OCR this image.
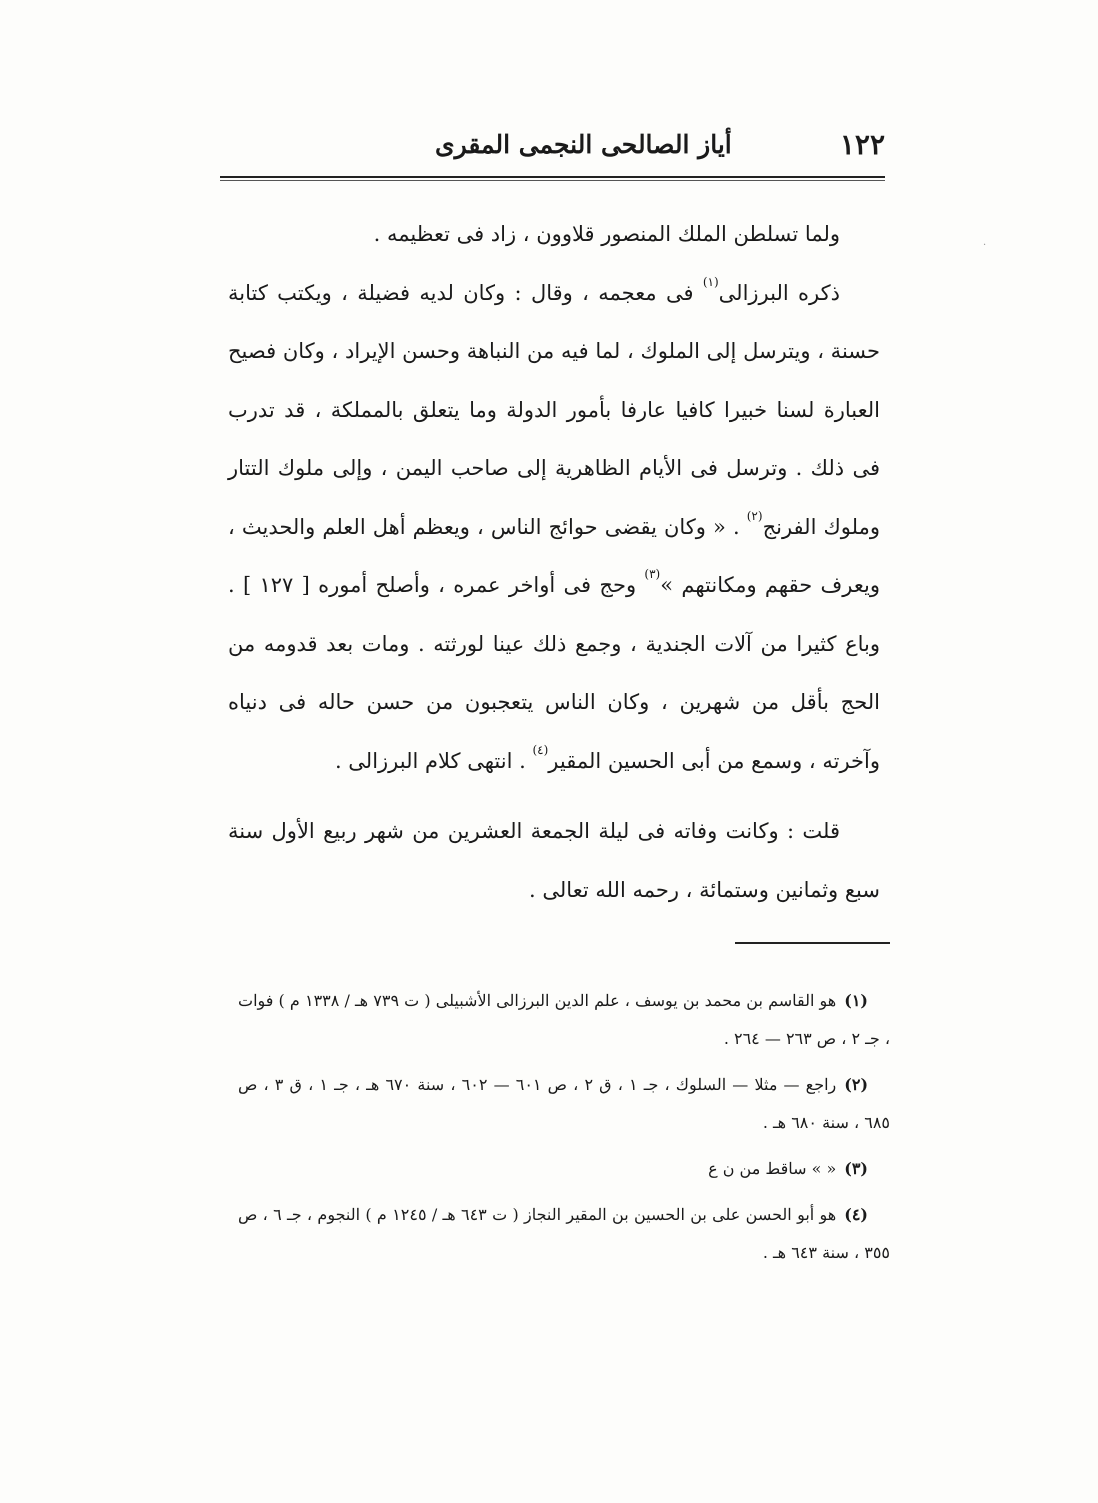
١٢٢
أياز الصالحى النجمى المقرى
·

ولما تسلطن الملك المنصور قلاوون ، زاد فى تعظيمه .

ذكره البرزالى$^{(١)}$ فى معجمه ، وقال : وكان لديه فضيلة ، ويكتب كتابة حسنة ، ويترسل إلى الملوك ، لما فيه من النباهة وحسن الإيراد ، وكان فصيح العبارة لسنا خبيرا كافيا عارفا بأمور الدولة وما يتعلق بالمملكة ، قد تدرب فى ذلك . وترسل فى الأيام الظاهرية إلى صاحب اليمن ، وإلى ملوك التتار وملوك الفرنج$^{(٢)}$ . « وكان يقضى حوائج الناس ، ويعظم أهل العلم والحديث ، ويعرف حقهم ومكانتهم »$^{(٣)}$ وحج فى أواخر عمره ، وأصلح أموره [ ١٢٧ ] . وباع كثيرا من آلات الجندية ، وجمع ذلك عينا لورثته . ومات بعد قدومه من الحج بأقل من شهرين ، وكان الناس يتعجبون من حسن حاله فى دنياه وآخرته ، وسمع من أبى الحسين المقير$^{(٤)}$ . انتهى كلام البرزالى .

قلت : وكانت وفاته فى ليلة الجمعة العشرين من شهر ربيع الأول سنة سبع وثمانين وستمائة ، رحمه الله تعالى .

(١)هو القاسم بن محمد بن يوسف ، علم الدين البرزالى الأشبيلى ( ت ٧٣٩ هـ / ١٣٣٨ م ) فوات ، جـ ٢ ، ص ٢٦٣ — ٢٦٤ .

(٢)راجع — مثلا — السلوك ، جـ ١ ، ق ٢ ، ص ٦٠١ — ٦٠٢ ، سنة ٦٧٠ هـ ، جـ ١ ، ق ٣ ، ص ٦٨٥ ، سنة ٦٨٠ هـ .

(٣)« » ساقط من ن ع

(٤)هو أبو الحسن على بن الحسين بن المقير النجاز ( ت ٦٤٣ هـ / ١٢٤٥ م ) النجوم ، جـ ٦ ، ص ٣٥٥ ، سنة ٦٤٣ هـ .
